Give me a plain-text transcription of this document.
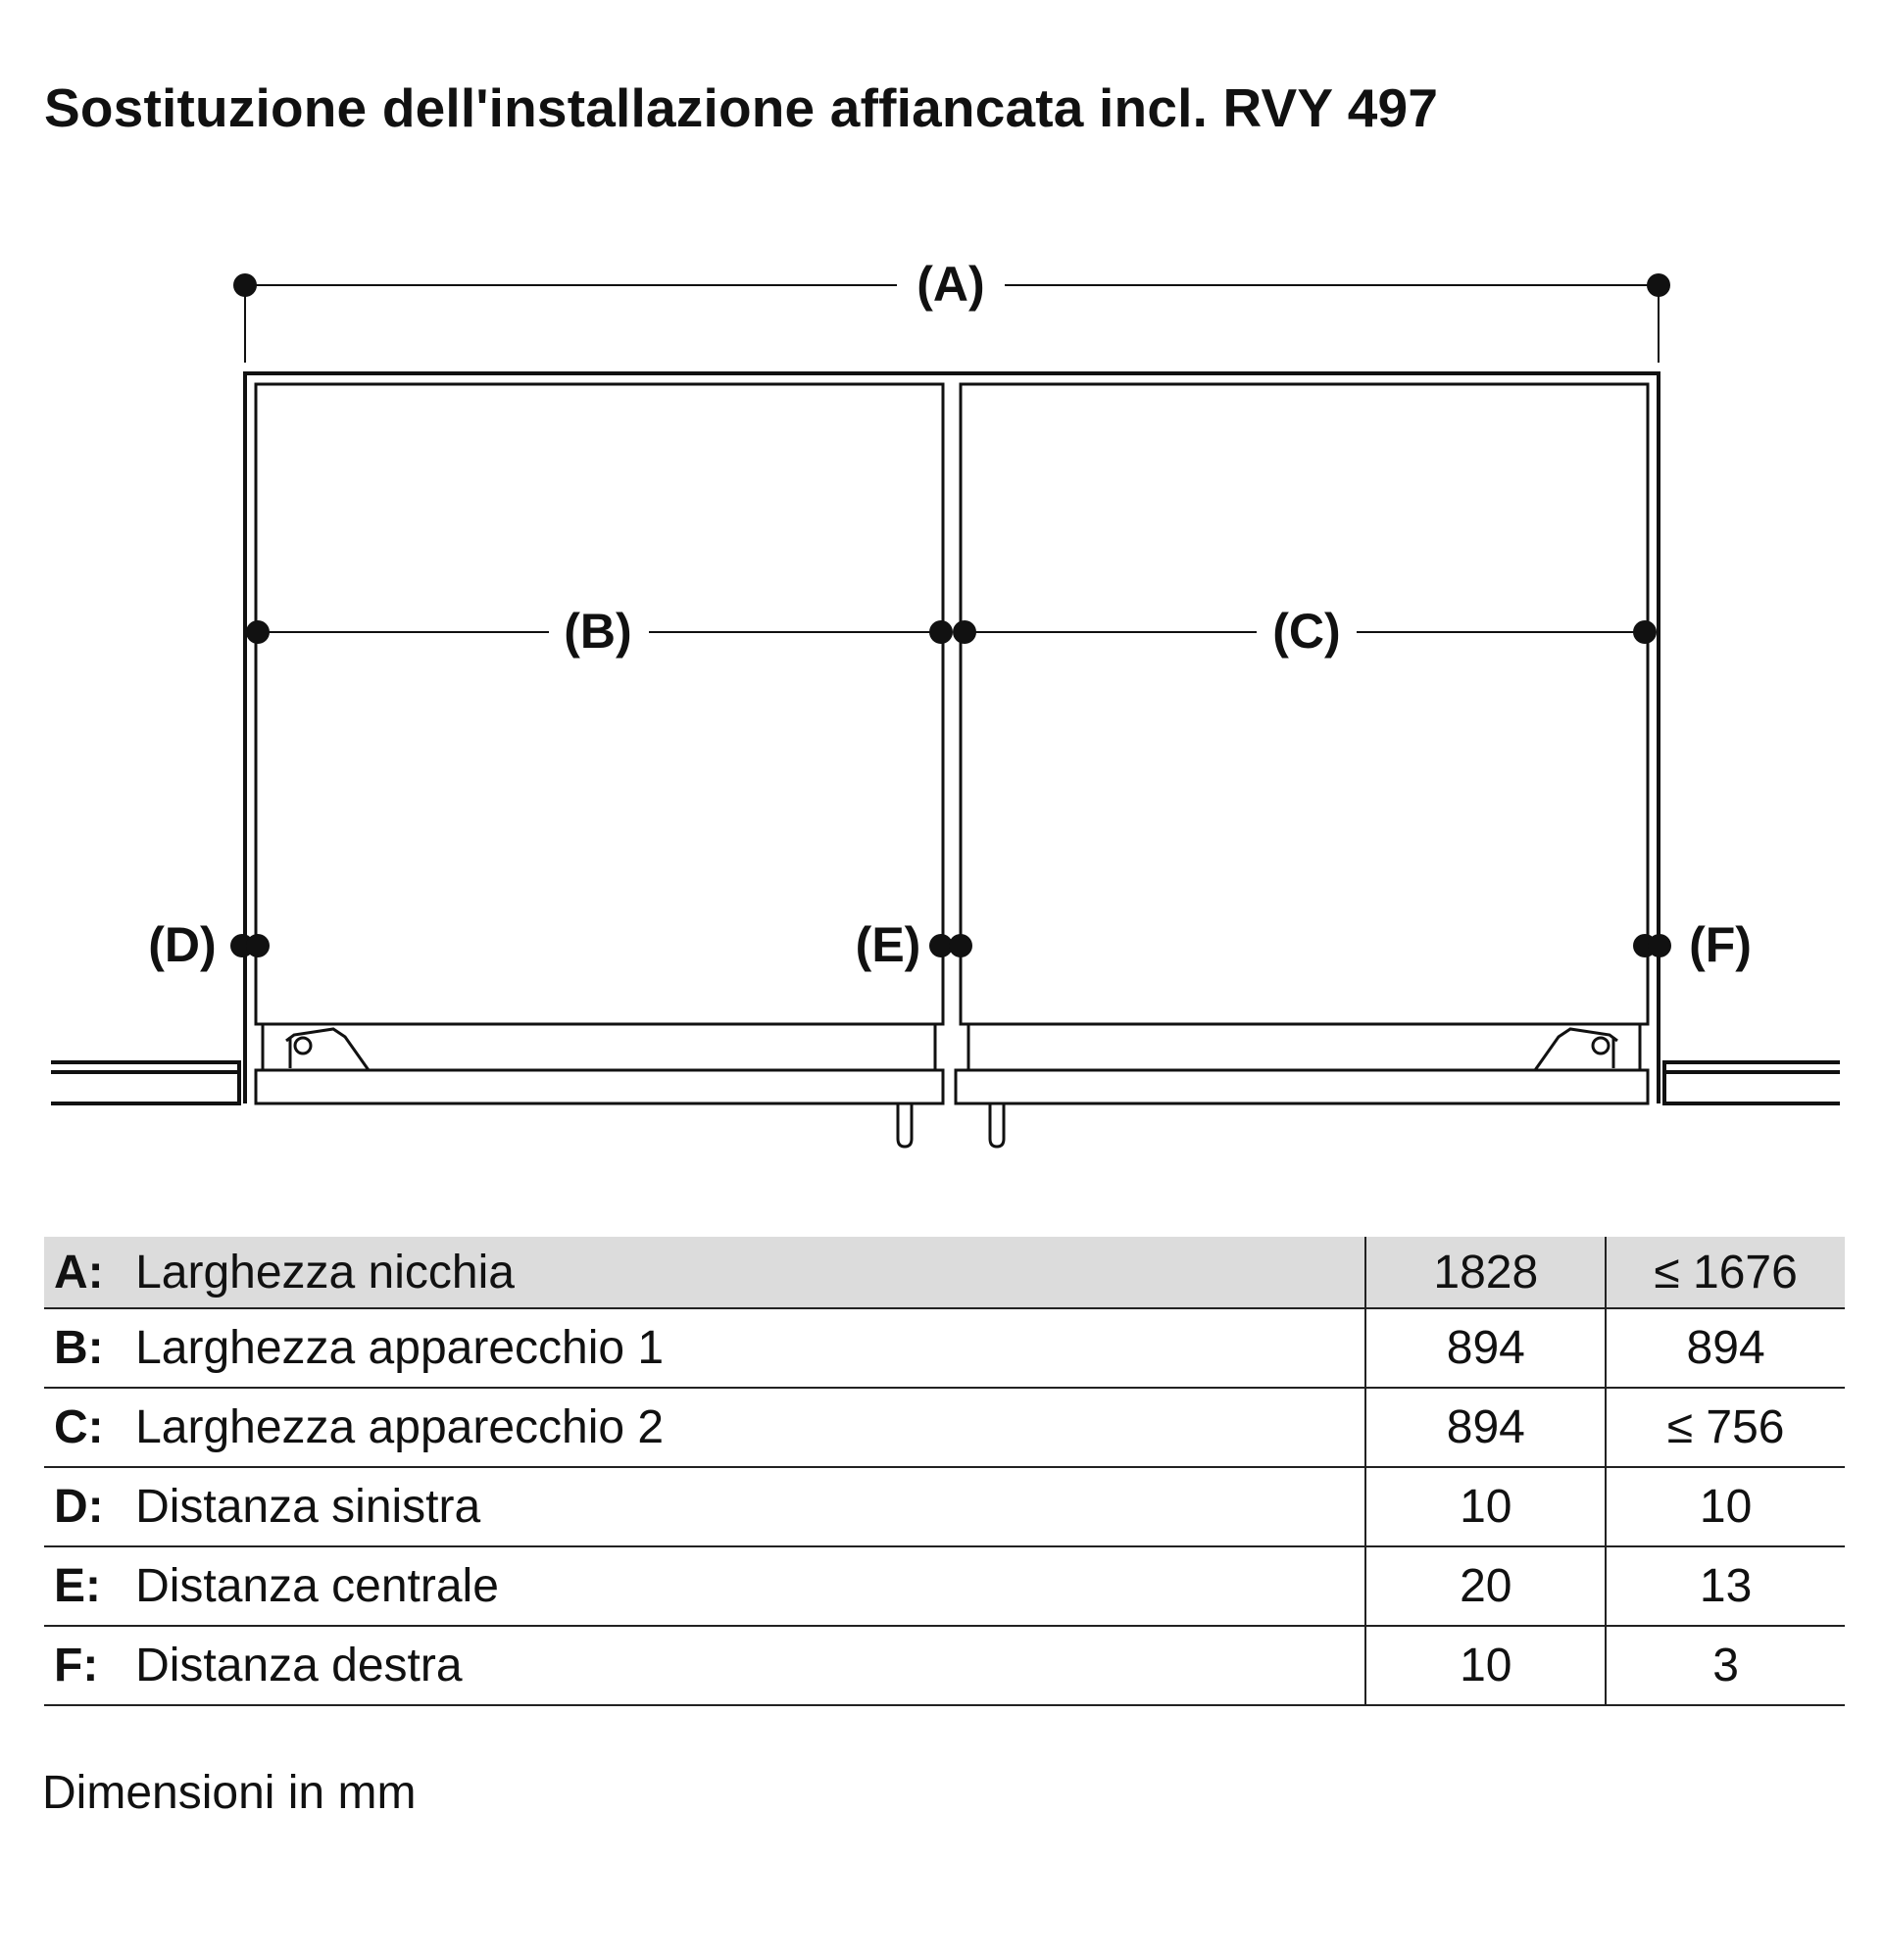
Sostituzione dell'installazione affiancata incl. RVY 497
(A)
(B)	(C)
(D)	(E)	(F)
A:	Larghezza nicchia	1828	≤ 1676
B:	Larghezza apparecchio 1	894	894
C:	Larghezza apparecchio 2	894	≤ 756
D:	Distanza sinistra	10	10
E:	Distanza centrale	20	13
F:	Distanza destra	10	3
Dimensioni in mm
